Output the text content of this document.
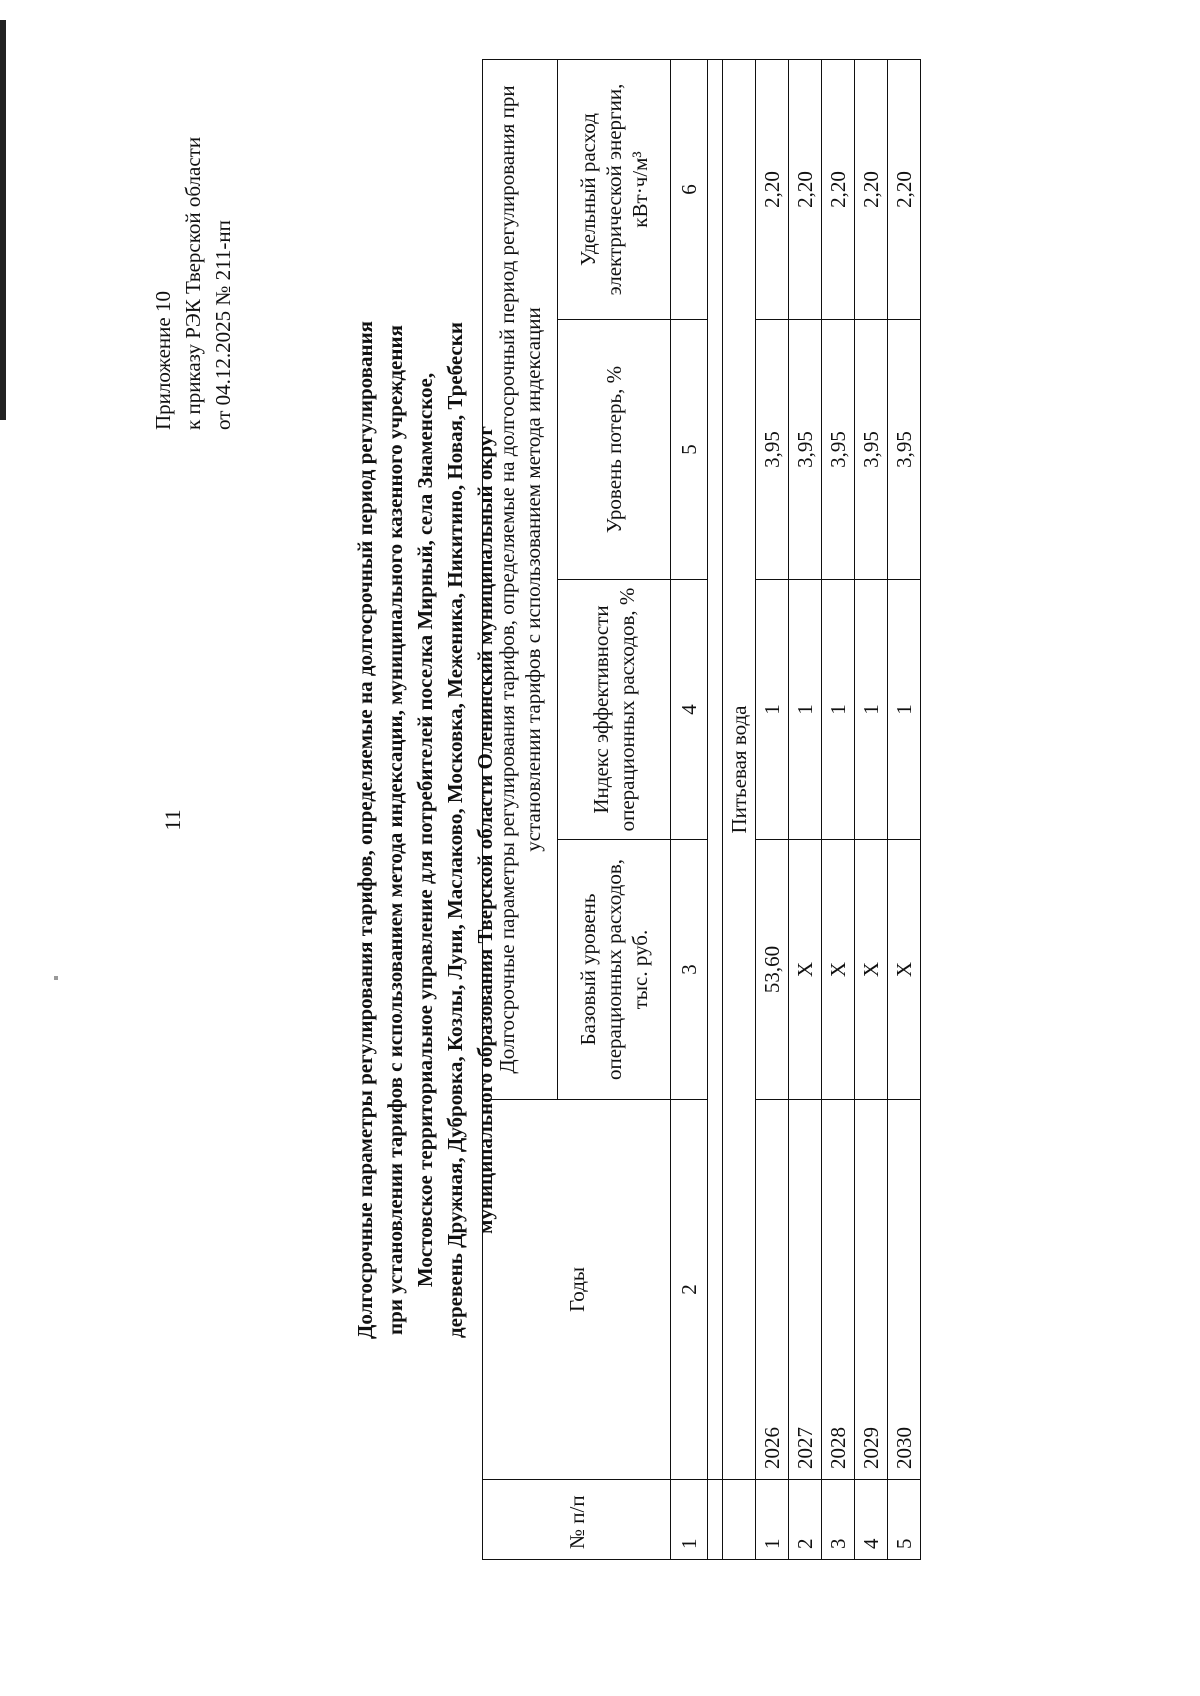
11
Приложение 10 к приказу РЭК Тверской области от 04.12.2025 № 211-нп	Долгосрочные параметры регулирования тарифов, определяемые на долгосрочный период регулирования при установлении тарифов с использованием метода индексации, муниципального казенного учреждения Мостовское территориальное управление для потребителей поселка Мирный, села Знаменское, деревень Дружная, Дубровка, Козлы, Луни, Маслаково, Московка, Меженика, Никитино, Новая, Требески муниципального образования Тверской области Оленинский муниципальный округ
№ п/п	Годы	Долгосрочные параметры регулирования тарифов, определяемые на долгосрочный период регулирования при установлении тарифов с использованием метода индексации			
		Базовый уровень операционных расходов, тыс. руб.	Индекс эффективности операционных расходов, %	Уровень потерь, %	Удельный расход электрической энергии, кВт·ч/м³
1	2	3	4	5	6

	Питьевая вода				
1	2026	53,60	1	3,95	2,20
2	2027	Х	1	3,95	2,20
3	2028	Х	1	3,95	2,20
4	2029	Х	1	3,95	2,20
5	2030	Х	1	3,95	2,20
